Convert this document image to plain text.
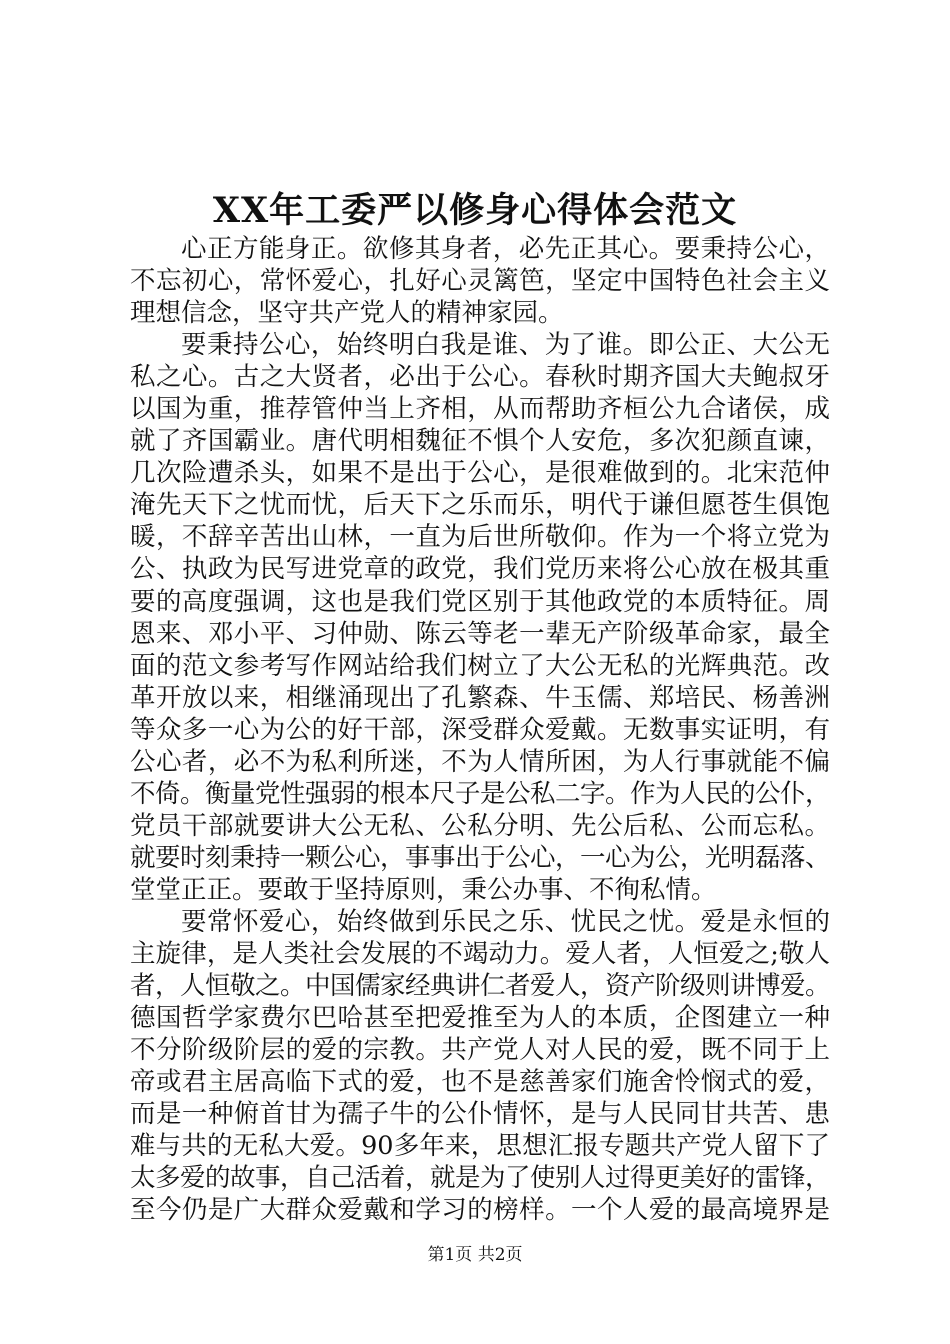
XX年工委严以修身心得体会范文
心正方能身正。欲修其身者，必先正其心。要秉持公心，
不忘初心，常怀爱心，扎好心灵篱笆，坚定中国特色社会主义
理想信念，坚守共产党人的精神家园。
要秉持公心，始终明白我是谁、为了谁。即公正、大公无
私之心。古之大贤者，必出于公心。春秋时期齐国大夫鲍叔牙
以国为重，推荐管仲当上齐相，从而帮助齐桓公九合诸侯，成
就了齐国霸业。唐代明相魏征不惧个人安危，多次犯颜直谏，
几次险遭杀头，如果不是出于公心，是很难做到的。北宋范仲
淹先天下之忧而忧，后天下之乐而乐，明代于谦但愿苍生俱饱
暖，不辞辛苦出山林，一直为后世所敬仰。作为一个将立党为
公、执政为民写进党章的政党，我们党历来将公心放在极其重
要的高度强调，这也是我们党区别于其他政党的本质特征。周
恩来、邓小平、习仲勋、陈云等老一辈无产阶级革命家，最全
面的范文参考写作网站给我们树立了大公无私的光辉典范。改
革开放以来，相继涌现出了孔繁森、牛玉儒、郑培民、杨善洲
等众多一心为公的好干部，深受群众爱戴。无数事实证明，有
公心者，必不为私利所迷，不为人情所困，为人行事就能不偏
不倚。衡量党性强弱的根本尺子是公私二字。作为人民的公仆，
党员干部就要讲大公无私、公私分明、先公后私、公而忘私。
就要时刻秉持一颗公心，事事出于公心，一心为公，光明磊落、
堂堂正正。要敢于坚持原则，秉公办事、不徇私情。
要常怀爱心，始终做到乐民之乐、忧民之忧。爱是永恒的
主旋律，是人类社会发展的不竭动力。爱人者，人恒爱之;敬人
者，人恒敬之。中国儒家经典讲仁者爱人，资产阶级则讲博爱。
德国哲学家费尔巴哈甚至把爱推至为人的本质，企图建立一种
不分阶级阶层的爱的宗教。共产党人对人民的爱，既不同于上
帝或君主居高临下式的爱，也不是慈善家们施舍怜悯式的爱，
而是一种俯首甘为孺子牛的公仆情怀，是与人民同甘共苦、患
难与共的无私大爱。90多年来，思想汇报专题共产党人留下了
太多爱的故事，自己活着，就是为了使别人过得更美好的雷锋，
至今仍是广大群众爱戴和学习的榜样。一个人爱的最高境界是
第1页 共2页
